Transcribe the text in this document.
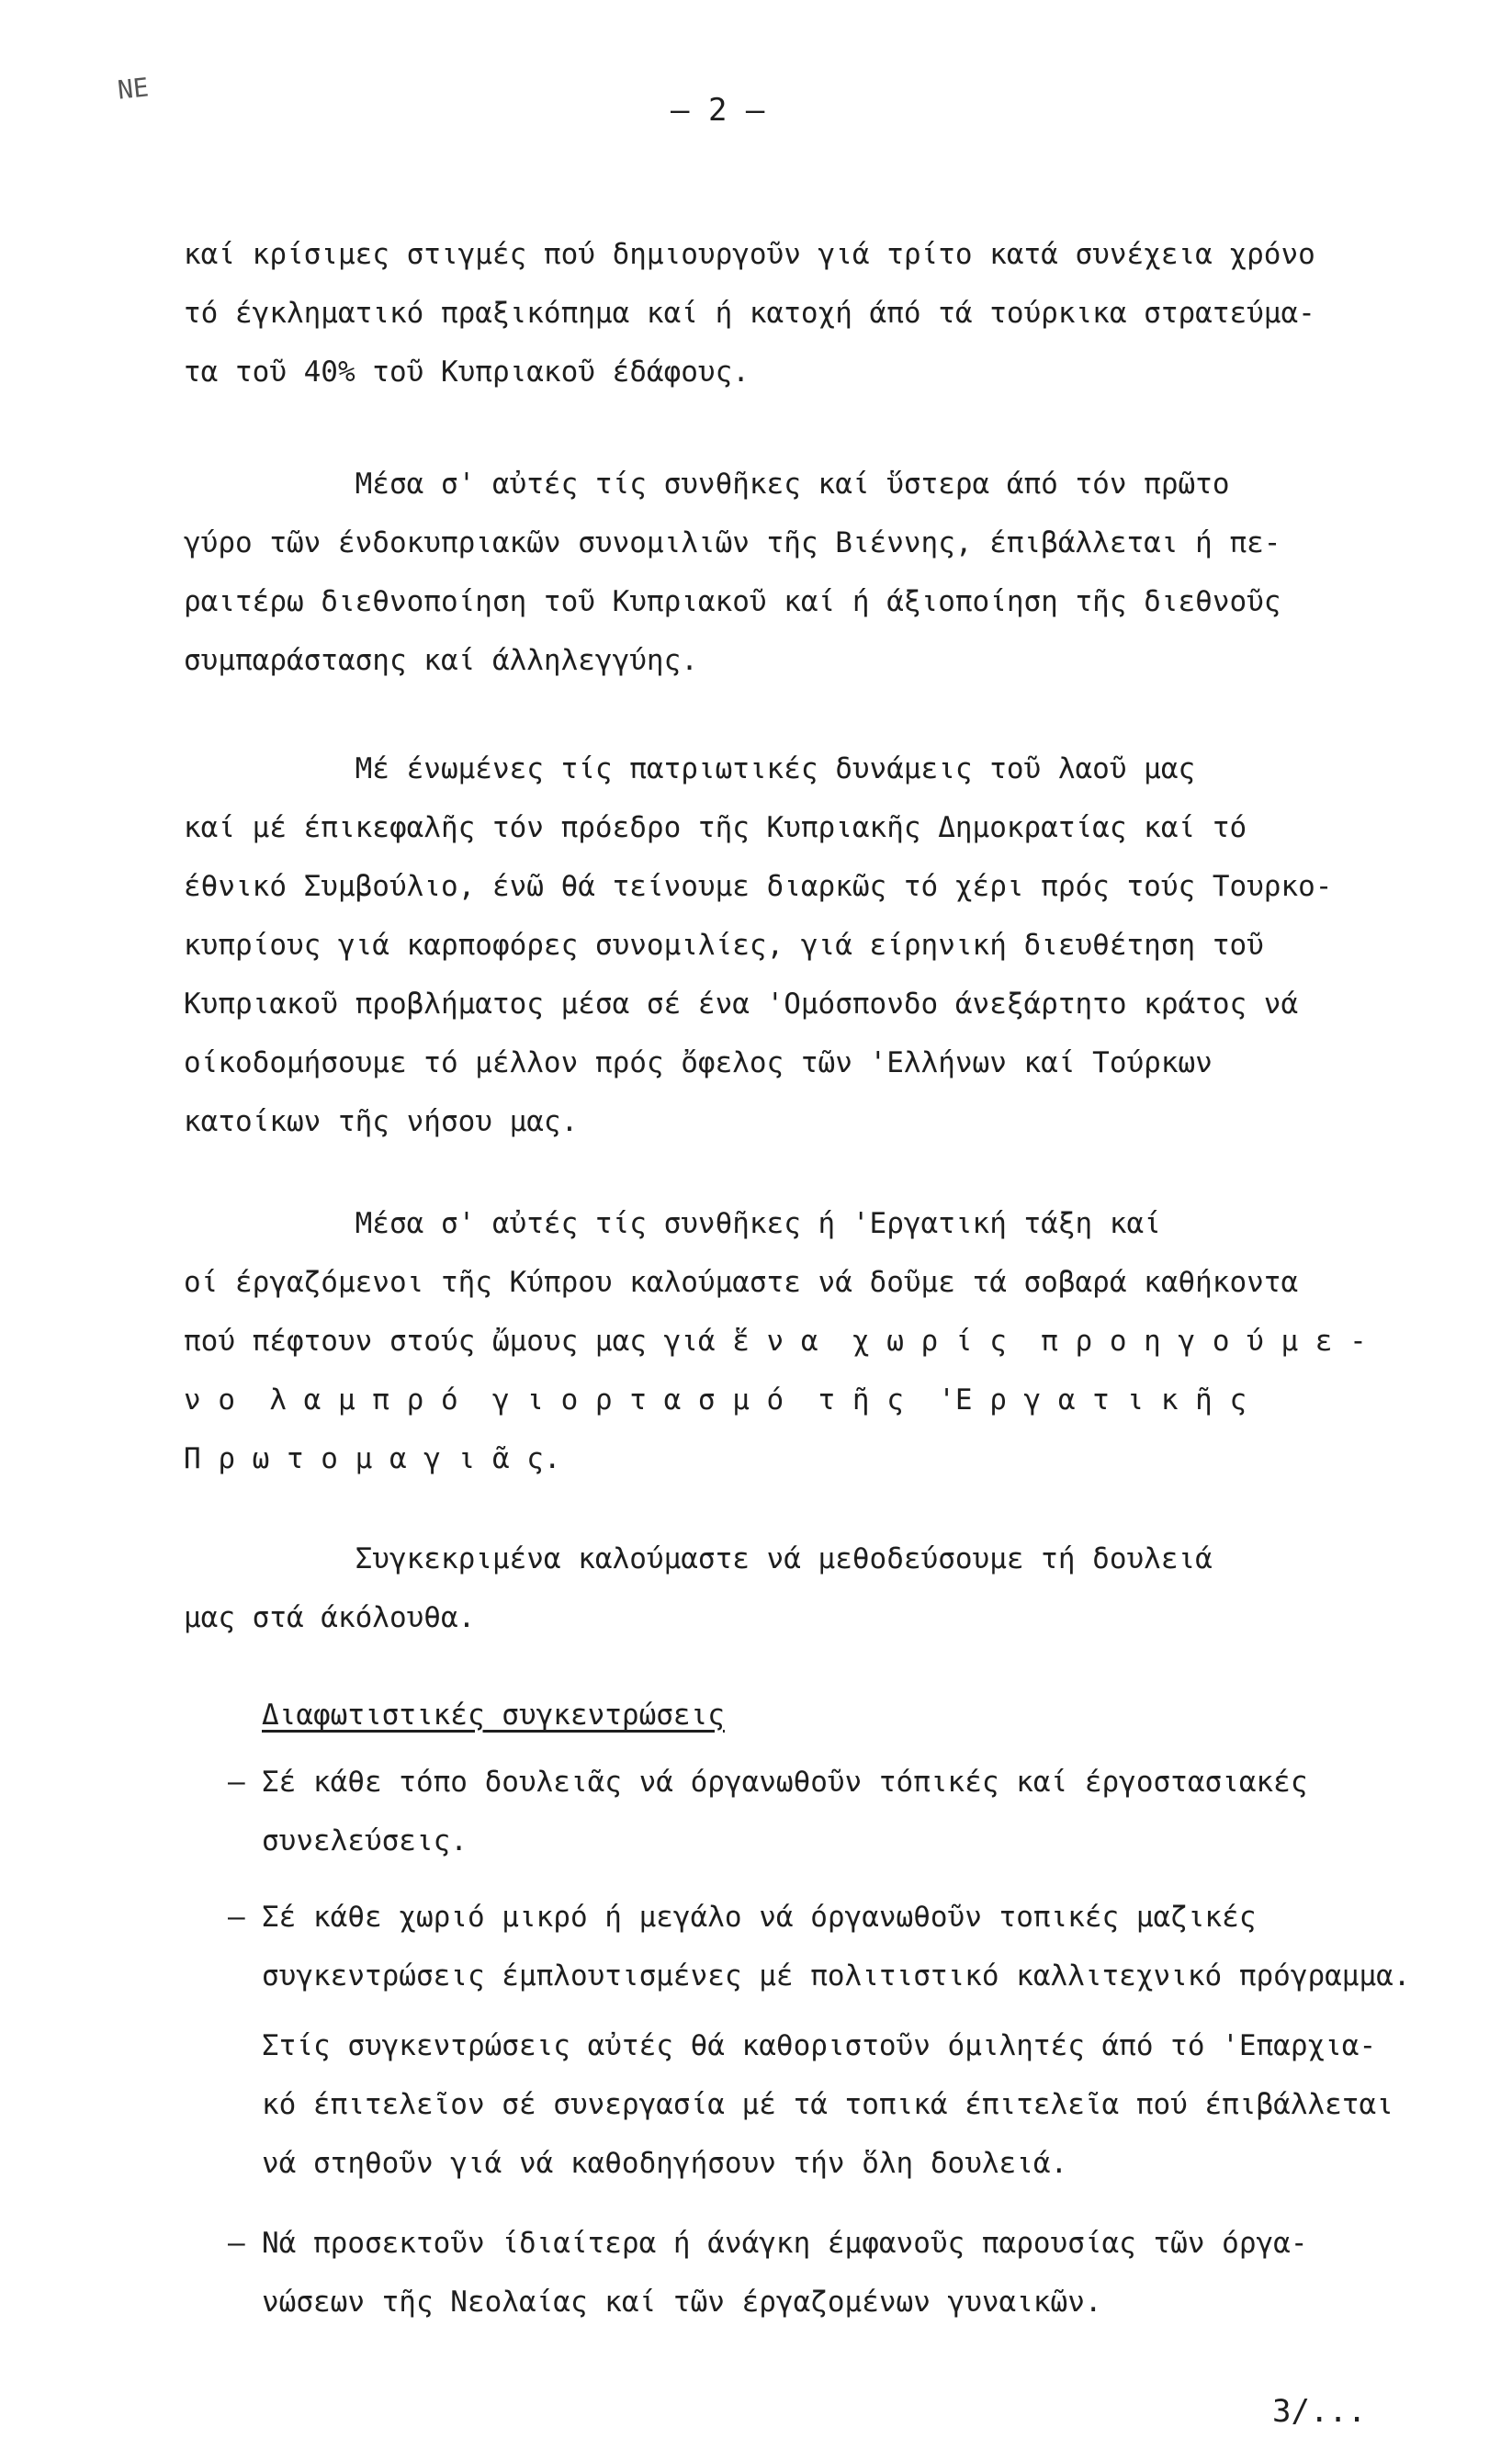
ΝΕ
– 2 –
καί κρίσιμες στιγμές πού δημιουργοῦν γιά τρίτο κατά συνέχεια χρόνο
τό έγκληματικό πραξικόπημα καί ή κατοχή άπό τά τούρκικα στρατεύμα-
τα τοῦ 40% τοῦ Κυπριακοῦ έδάφους.
Μέσα σ' αὐτές τίς συνθῆκες καί ὕστερα άπό τόν πρῶτο
γύρο τῶν ένδοκυπριακῶν συνομιλιῶν τῆς Βιέννης, έπιβάλλεται ή πε-
ραιτέρω διεθνοποίηση τοῦ Κυπριακοῦ καί ή άξιοποίηση τῆς διεθνοῦς
συμπαράστασης καί άλληλεγγύης.
Μέ ένωμένες τίς πατριωτικές δυνάμεις τοῦ λαοῦ μας
καί μέ έπικεφαλῆς τόν πρόεδρο τῆς Κυπριακῆς Δημοκρατίας καί τό
έθνικό Συμβούλιο, ένῶ θά τείνουμε διαρκῶς τό χέρι πρός τούς Τουρκο-
κυπρίους γιά καρποφόρες συνομιλίες, γιά είρηνική διευθέτηση τοῦ
Κυπριακοῦ προβλήματος μέσα σέ ένα 'Ομόσπονδο άνεξάρτητο κράτος νά
οίκοδομήσουμε τό μέλλον πρός ὄφελος τῶν 'Ελλήνων καί Τούρκων
κατοίκων τῆς νήσου μας.
Μέσα σ' αὐτές τίς συνθῆκες ή 'Εργατική τάξη καί
οί έργαζόμενοι τῆς Κύπρου καλούμαστε νά δοῦμε τά σοβαρά καθήκοντα
πού πέφτουν στούς ὤμους μας γιά ἕ ν α  χ ω ρ ί ς  π ρ ο η γ ο ύ μ ε -
ν ο  λ α μ π ρ ό  γ ι ο ρ τ α σ μ ό  τ ῆ ς  'Ε ρ γ α τ ι κ ῆ ς
Π ρ ω τ ο μ α γ ι ᾶ ς.
Συγκεκριμένα καλούμαστε νά μεθοδεύσουμε τή δουλειά
μας στά άκόλουθα.
Διαφωτιστικές συγκεντρώσεις
– Σέ κάθε τόπο δουλειᾶς νά όργανωθοῦν τόπικές καί έργοστασιακές
συνελεύσεις.
– Σέ κάθε χωριό μικρό ή μεγάλο νά όργανωθοῦν τοπικές μαζικές
συγκεντρώσεις έμπλουτισμένες μέ πολιτιστικό καλλιτεχνικό πρόγραμμα.
Στίς συγκεντρώσεις αὐτές θά καθοριστοῦν όμιλητές άπό τό 'Επαρχια-
κό έπιτελεῖον σέ συνεργασία μέ τά τοπικά έπιτελεῖα πού έπιβάλλεται
νά στηθοῦν γιά νά καθοδηγήσουν τήν ὅλη δουλειά.
– Νά προσεκτοῦν ίδιαίτερα ή άνάγκη έμφανοῦς παρουσίας τῶν όργα-
νώσεων τῆς Νεολαίας καί τῶν έργαζομένων γυναικῶν.
3/...
